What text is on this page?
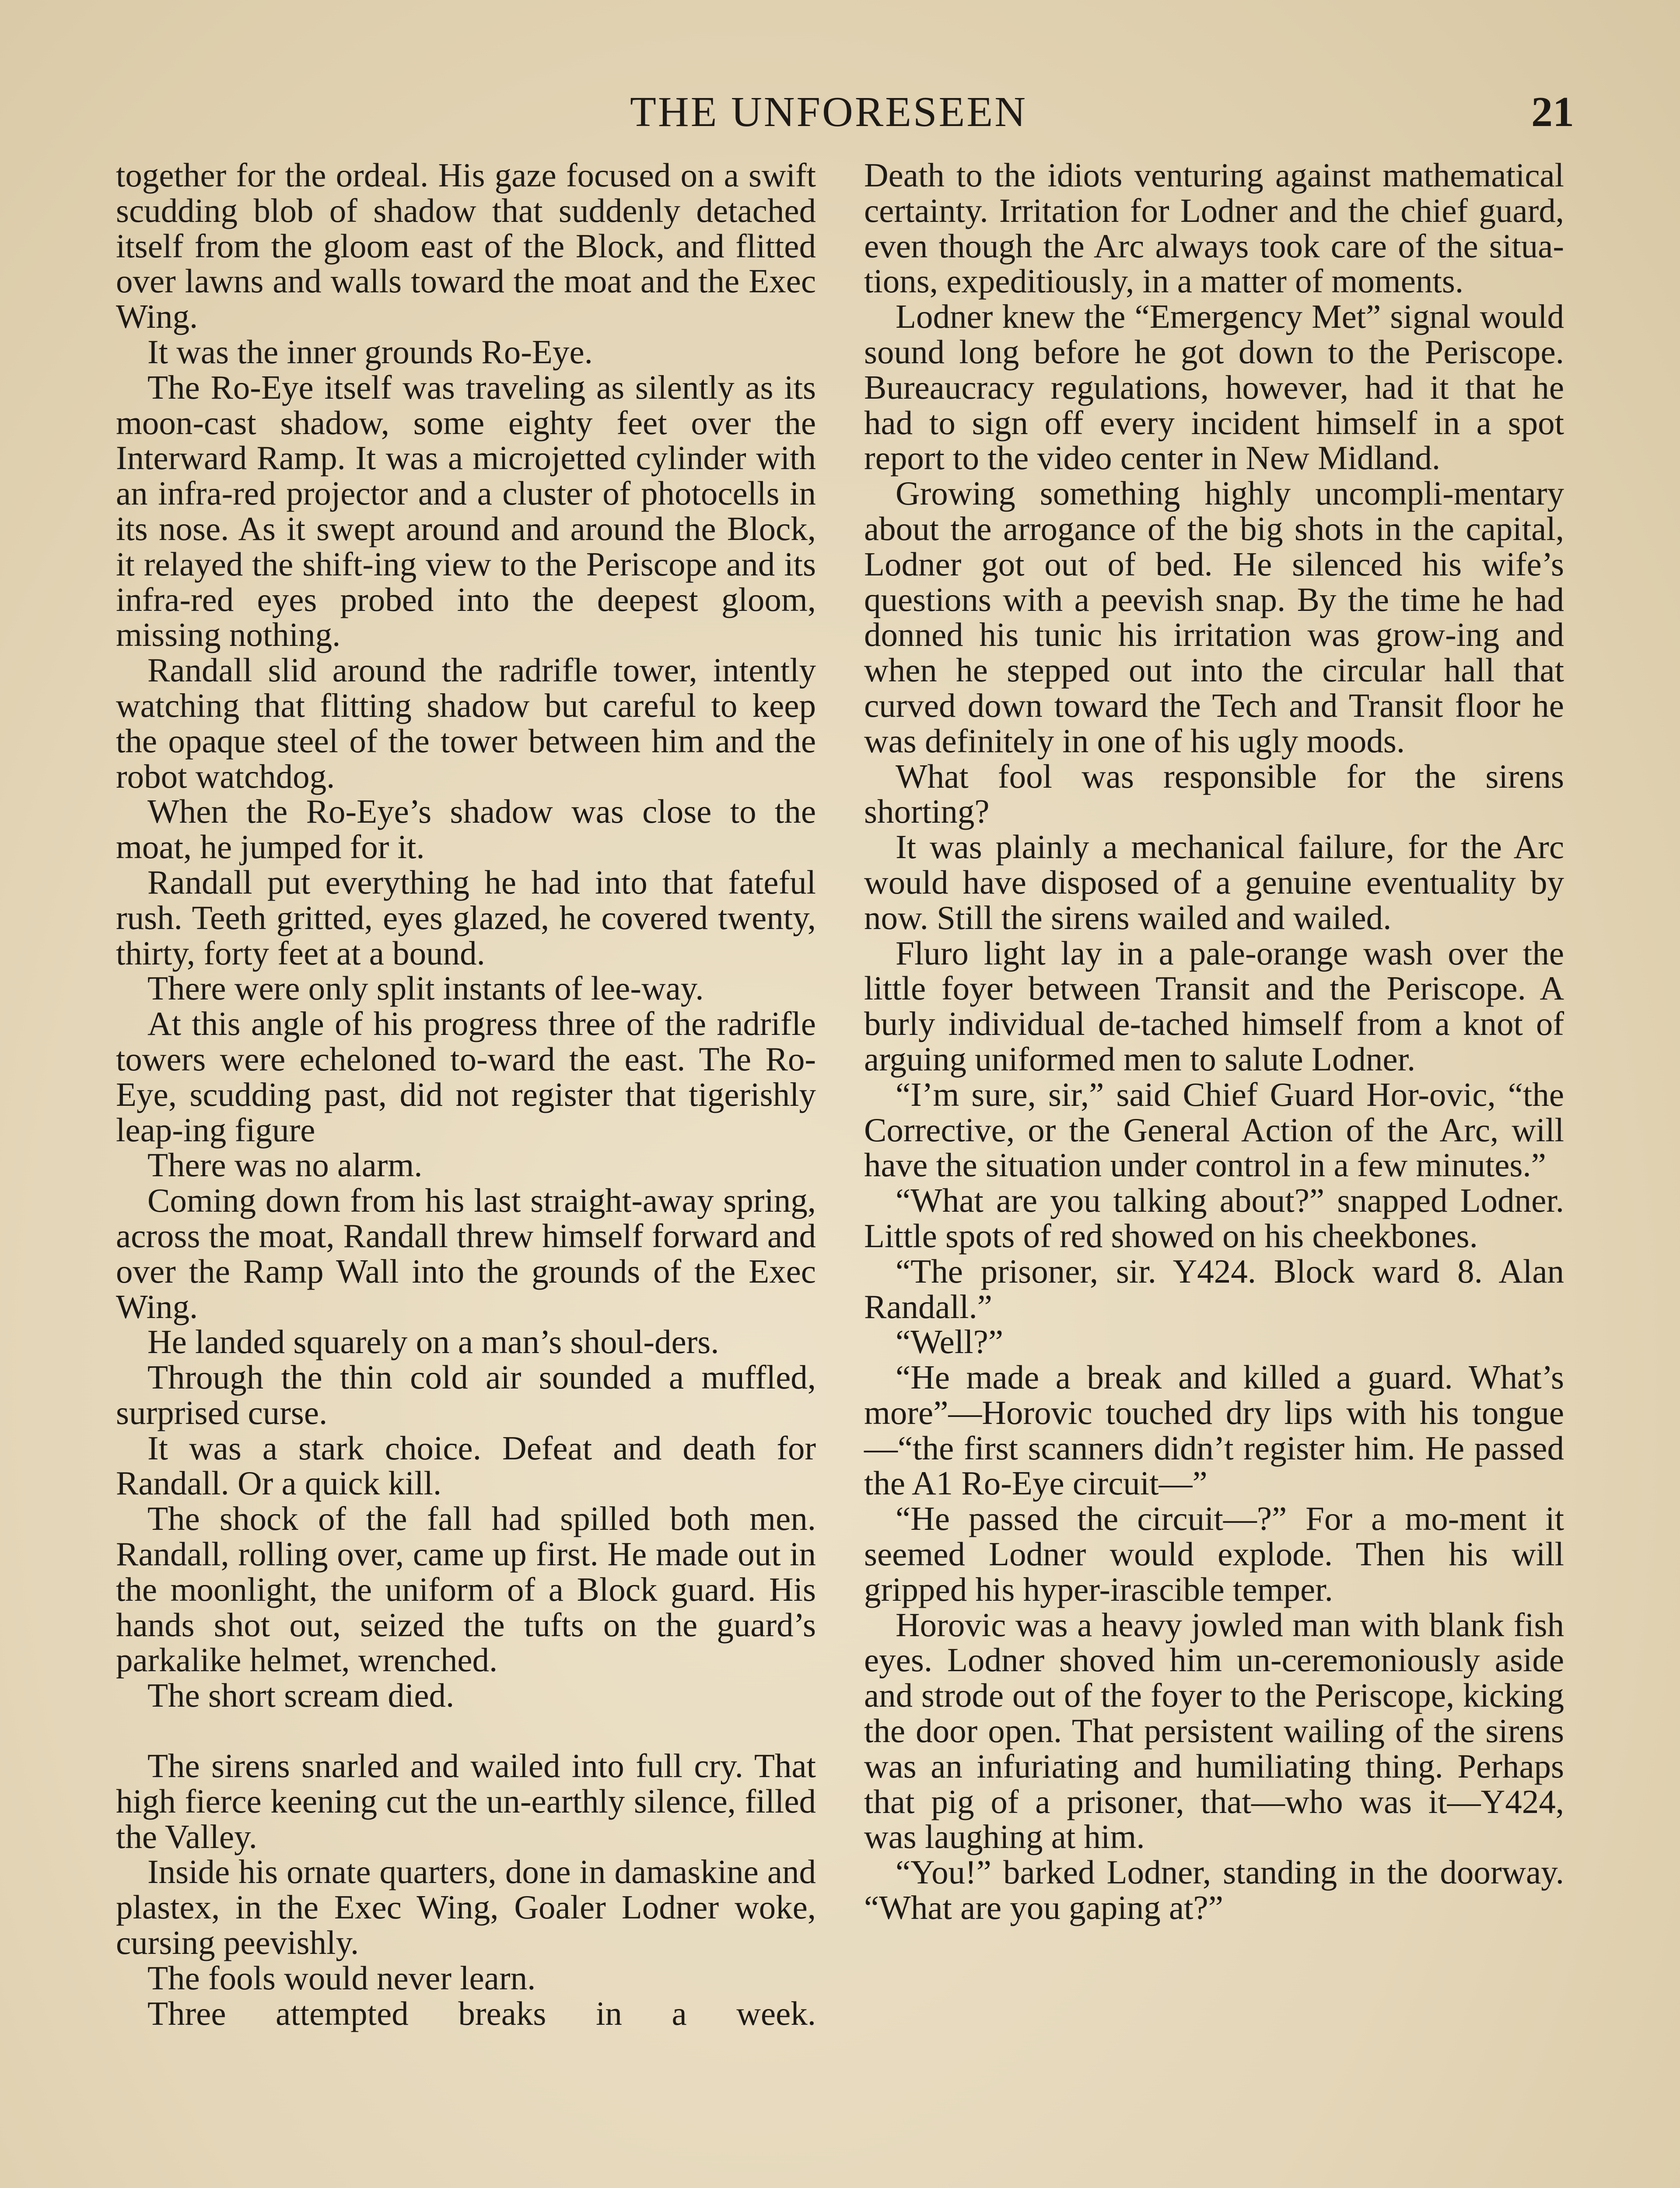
THE UNFORESEEN	21

together for the ordeal. His gaze focused on a swift scudding blob of shadow that suddenly detached itself from the gloom east of the Block, and flitted over lawns and walls toward the moat and the Exec Wing.

It was the inner grounds Ro-Eye.

The Ro-Eye itself was traveling as silently as its moon-cast shadow, some eighty feet over the Interward Ramp. It was a microjetted cylinder with an infra-red projector and a cluster of photocells in its nose. As it swept around and around the Block, it relayed the shift-ing view to the Periscope and its infra-red eyes probed into the deepest gloom, missing nothing.

Randall slid around the radrifle tower, intently watching that flitting shadow but careful to keep the opaque steel of the tower between him and the robot watchdog.

When the Ro-Eye’s shadow was close to the moat, he jumped for it.

Randall put everything he had into that fateful rush. Teeth gritted, eyes glazed, he covered twenty, thirty, forty feet at a bound.

There were only split instants of lee-way.

At this angle of his progress three of the radrifle towers were echeloned to-ward the east. The Ro-Eye, scudding past, did not register that tigerishly leap-ing figure

There was no alarm.

Coming down from his last straight-away spring, across the moat, Randall threw himself forward and over the Ramp Wall into the grounds of the Exec Wing.

He landed squarely on a man’s shoul-ders.

Through the thin cold air sounded a muffled, surprised curse.

It was a stark choice. Defeat and death for Randall. Or a quick kill.

The shock of the fall had spilled both men. Randall, rolling over, came up first. He made out in the moonlight, the uniform of a Block guard. His hands shot out, seized the tufts on the guard’s parkalike helmet, wrenched.

The short scream died.

The sirens snarled and wailed into full cry. That high fierce keening cut the un-earthly silence, filled the Valley.

Inside his ornate quarters, done in damaskine and plastex, in the Exec Wing, Goaler Lodner woke, cursing peevishly.

The fools would never learn.

Three attempted breaks in a week.

Death to the idiots venturing against mathematical certainty. Irritation for Lodner and the chief guard, even though the Arc always took care of the situa-tions, expeditiously, in a matter of moments.

Lodner knew the “Emergency Met” signal would sound long before he got down to the Periscope. Bureaucracy regulations, however, had it that he had to sign off every incident himself in a spot report to the video center in New Midland.

Growing something highly uncompli-mentary about the arrogance of the big shots in the capital, Lodner got out of bed. He silenced his wife’s questions with a peevish snap. By the time he had donned his tunic his irritation was grow-ing and when he stepped out into the circular hall that curved down toward the Tech and Transit floor he was definitely in one of his ugly moods.

What fool was responsible for the sirens shorting?

It was plainly a mechanical failure, for the Arc would have disposed of a genuine eventuality by now. Still the sirens wailed and wailed.

Fluro light lay in a pale-orange wash over the little foyer between Transit and the Periscope. A burly individual de-tached himself from a knot of arguing uniformed men to salute Lodner.

“I’m sure, sir,” said Chief Guard Hor-ovic, “the Corrective, or the General Action of the Arc, will have the situation under control in a few minutes.”

“What are you talking about?” snapped Lodner. Little spots of red showed on his cheekbones.

“The prisoner, sir. Y424. Block ward 8. Alan Randall.”

“Well?”

“He made a break and killed a guard. What’s more”—Horovic touched dry lips with his tongue—“the first scanners didn’t register him. He passed the A1 Ro-Eye circuit—”

“He passed the circuit—?” For a mo-ment it seemed Lodner would explode. Then his will gripped his hyper-irascible temper.

Horovic was a heavy jowled man with blank fish eyes. Lodner shoved him un-ceremoniously aside and strode out of the foyer to the Periscope, kicking the door open. That persistent wailing of the sirens was an infuriating and humiliating thing. Perhaps that pig of a prisoner, that—who was it—Y424, was laughing at him.

“You!” barked Lodner, standing in the doorway. “What are you gaping at?”
